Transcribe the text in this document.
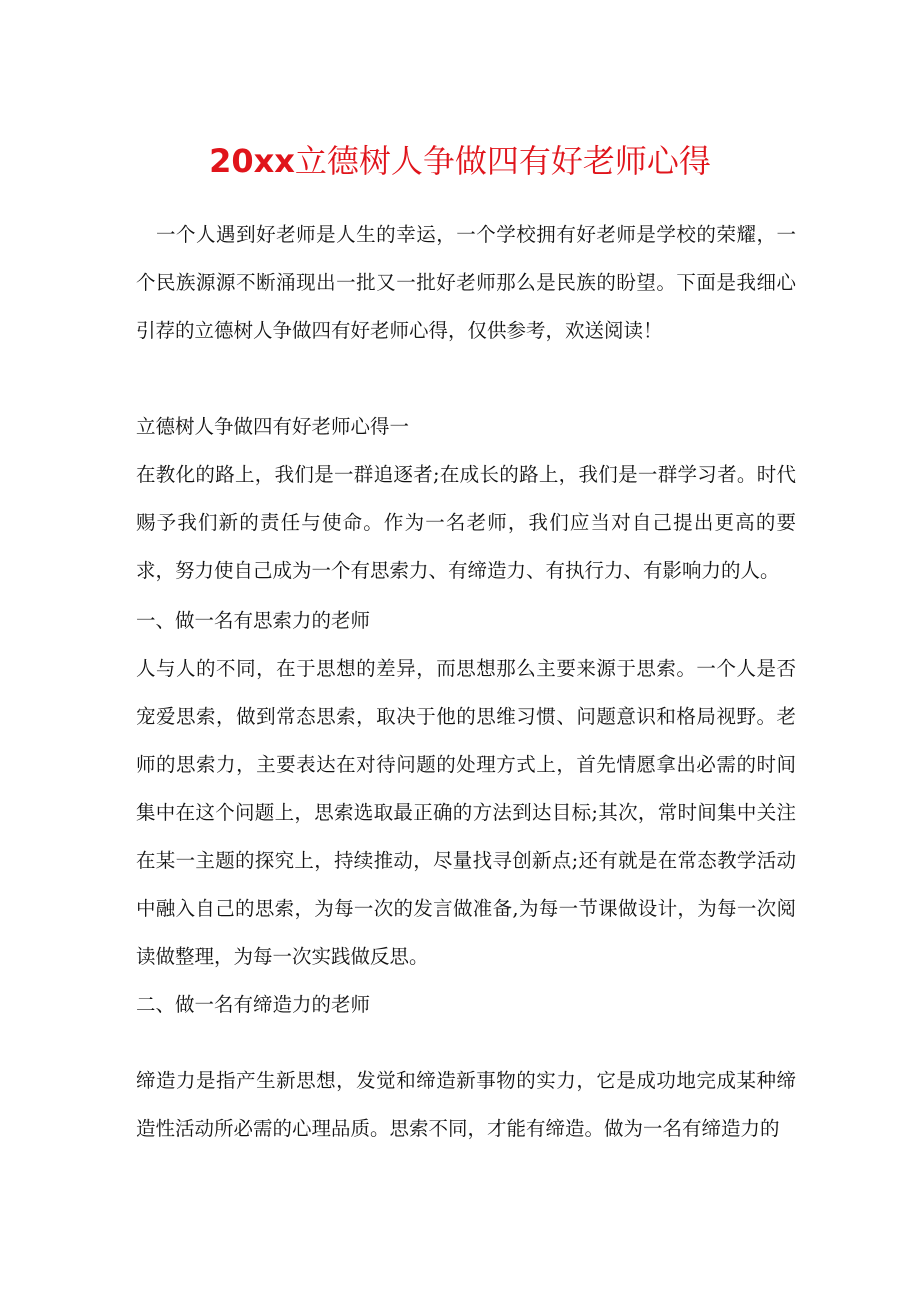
20xx立德树人争做四有好老师心得
一个人遇到好老师是人生的幸运，一个学校拥有好老师是学校的荣耀，一个民族源源不断涌现出一批又一批好老师那么是民族的盼望。下面是我细心引荐的立德树人争做四有好老师心得，仅供参考，欢送阅读！
立德树人争做四有好老师心得一
在教化的路上，我们是一群追逐者;在成长的路上，我们是一群学习者。时代赐予我们新的责任与使命。作为一名老师，我们应当对自己提出更高的要求，努力使自己成为一个有思索力、有缔造力、有执行力、有影响力的人。
一、做一名有思索力的老师
人与人的不同，在于思想的差异，而思想那么主要来源于思索。一个人是否宠爱思索，做到常态思索，取决于他的思维习惯、问题意识和格局视野。老师的思索力，主要表达在对待问题的处理方式上，首先情愿拿出必需的时间集中在这个问题上，思索选取最正确的方法到达目标;其次，常时间集中关注在某一主题的探究上，持续推动，尽量找寻创新点;还有就是在常态教学活动中融入自己的思索，为每一次的发言做准备,为每一节课做设计，为每一次阅读做整理，为每一次实践做反思。
二、做一名有缔造力的老师
缔造力是指产生新思想，发觉和缔造新事物的实力，它是成功地完成某种缔造性活动所必需的心理品质。思索不同，才能有缔造。做为一名有缔造力的
